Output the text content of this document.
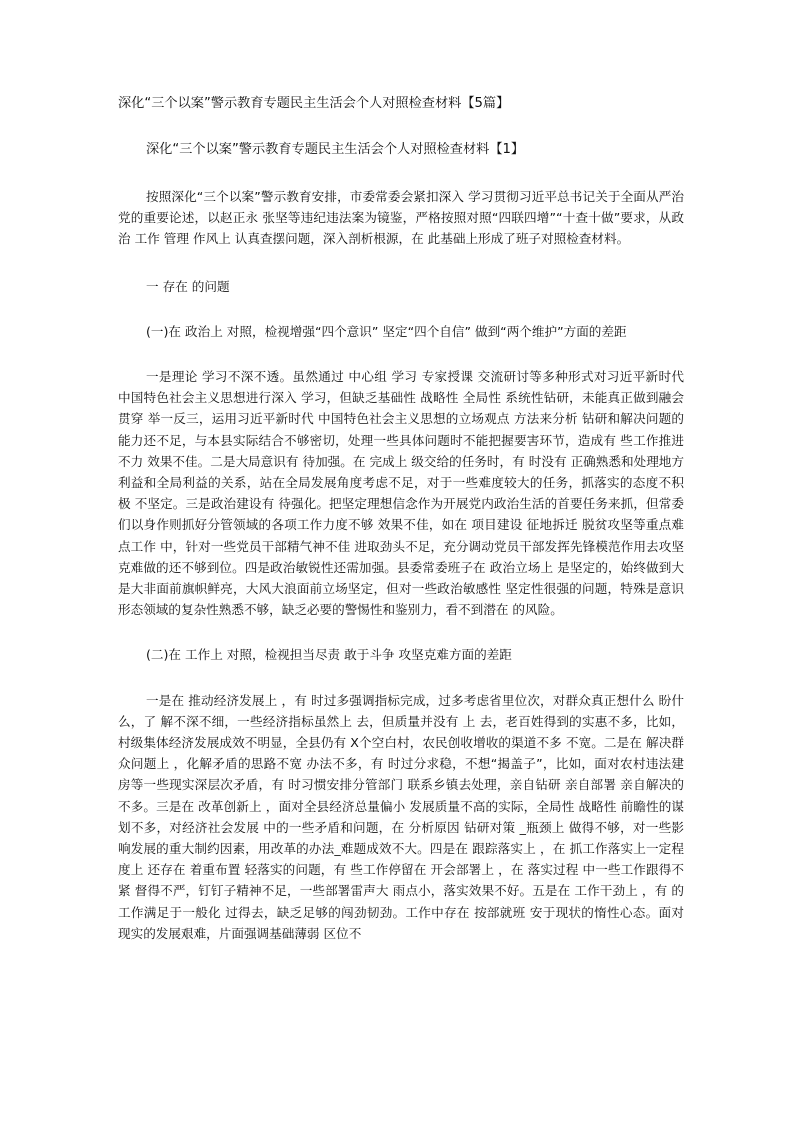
深化“三个以案”警示教育专题民主生活会个人对照检查材料【5篇】

深化“三个以案”警示教育专题民主生活会个人对照检查材料【1】

按照深化“三个以案”警示教育安排，市委常委会紧扣深入 学习贯彻习近平总书记关于全面从严治党的重要论述，以赵正永 张坚等违纪违法案为镜鉴，严格按照对照“四联四增”“十查十做”要求，从政治 工作 管理 作风上 认真查摆问题，深入剖析根源，在 此基础上形成了班子对照检查材料。

一 存在 的问题

(一)在 政治上 对照，检视增强“四个意识” 坚定“四个自信” 做到“两个维护”方面的差距

一是理论 学习不深不透。虽然通过 中心组 学习 专家授课 交流研讨等多种形式对习近平新时代 中国特色社会主义思想进行深入 学习，但缺乏基础性 战略性 全局性 系统性钻研，未能真正做到融会贯穿 举一反三，运用习近平新时代 中国特色社会主义思想的立场观点 方法来分析 钻研和解决问题的能力还不足，与本县实际结合不够密切，处理一些具体问题时不能把握要害环节，造成有 些工作推进不力 效果不佳。二是大局意识有 待加强。在 完成上 级交给的任务时，有 时没有 正确熟悉和处理地方利益和全局利益的关系，站在全局发展角度考虑不足，对于一些难度较大的任务，抓落实的态度不积极 不坚定。三是政治建设有 待强化。把坚定理想信念作为开展党内政治生活的首要任务来抓，但常委们以身作则抓好分管领域的各项工作力度不够 效果不佳，如在 项目建设 征地拆迁 脱贫攻坚等重点难点工作 中，针对一些党员干部精气神不佳 进取劲头不足，充分调动党员干部发挥先锋模范作用去攻坚克难做的还不够到位。四是政治敏锐性还需加强。县委常委班子在 政治立场上 是坚定的，始终做到大是大非面前旗帜鲜亮，大风大浪面前立场坚定，但对一些政治敏感性 坚定性很强的问题，特殊是意识形态领域的复杂性熟悉不够，缺乏必要的警惕性和鉴别力，看不到潜在 的风险。

(二)在 工作上 对照，检视担当尽责 敢于斗争 攻坚克难方面的差距

一是在 推动经济发展上 ，有 时过多强调指标完成，过多考虑省里位次，对群众真正想什么 盼什么，了 解不深不细，一些经济指标虽然上 去，但质量并没有 上 去，老百姓得到的实惠不多，比如，村级集体经济发展成效不明显，全县仍有 X个空白村，农民创收增收的渠道不多 不宽。二是在 解决群众问题上 ，化解矛盾的思路不宽 办法不多，有 时过分求稳，不想“揭盖子”，比如，面对农村违法建房等一些现实深层次矛盾，有 时习惯安排分管部门 联系乡镇去处理，亲自钻研 亲自部署 亲自解决的不多。三是在 改革创新上 ，面对全县经济总量偏小 发展质量不高的实际，全局性 战略性 前瞻性的谋划不多，对经济社会发展 中的一些矛盾和问题，在 分析原因 钻研对策 _瓶颈上 做得不够，对一些影响发展的重大制约因素，用改革的办法_难题成效不大。四是在 跟踪落实上 ，在 抓工作落实上一定程度上 还存在 着重布置 轻落实的问题，有 些工作停留在 开会部署上 ，在 落实过程 中一些工作跟得不紧 督得不严，钉钉子精神不足，一些部署雷声大 雨点小，落实效果不好。五是在 工作干劲上 ，有 的工作满足于一般化 过得去，缺乏足够的闯劲韧劲。工作中存在 按部就班 安于现状的惰性心态。面对现实的发展艰难，片面强调基础薄弱 区位不
